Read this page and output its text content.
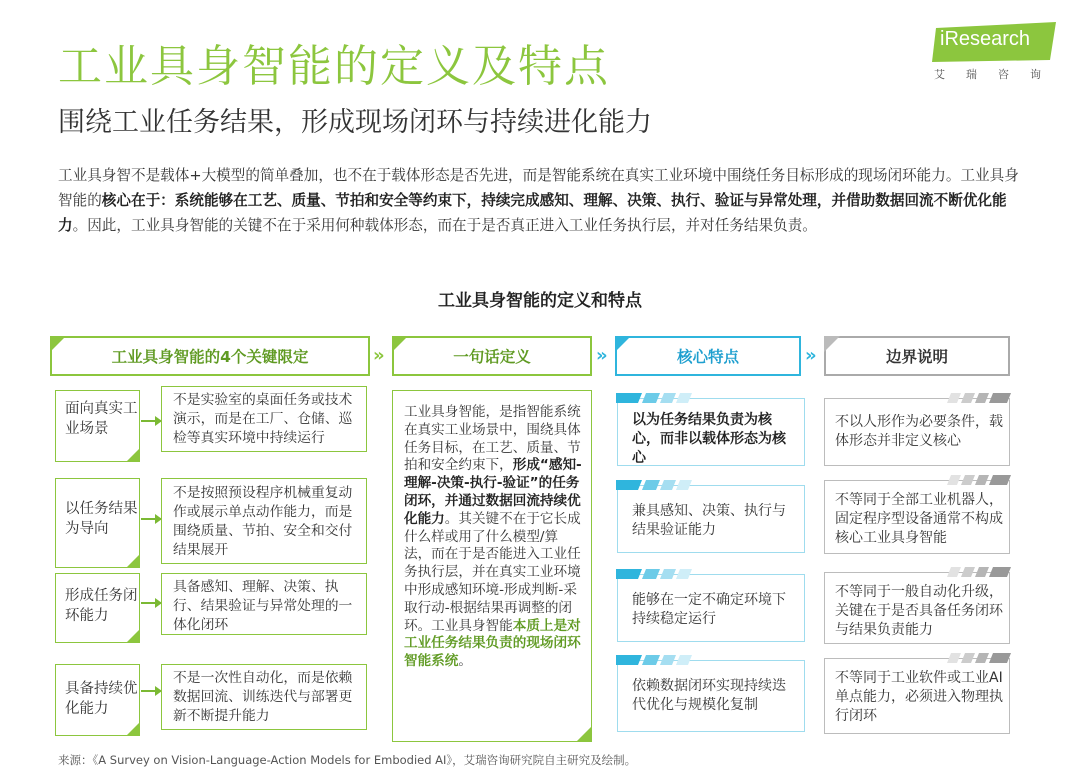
工业具身智能的定义及特点
围绕工业任务结果，形成现场闭环与持续进化能力
iResearch
艾瑞咨询
工业具身智不是载体+大模型的简单叠加，也不在于载体形态是否先进，而是智能系统在真实工业环境中围绕任务目标形成的现场闭环能力。工业具身智能的核心在于：系统能够在工艺、质量、节拍和安全等约束下，持续完成感知、理解、决策、执行、验证与异常处理，并借助数据回流不断优化能力。因此，工业具身智能的关键不在于采用何种载体形态，而在于是否真正进入工业任务执行层，并对任务结果负责。
工业具身智能的定义和特点
工业具身智能的4个关键限定	»	一句话定义	»	核心特点	»	边界说明
面向真实工业场景
不是实验室的桌面任务或技术演示，而是在工厂、仓储、巡检等真实环境中持续运行
以任务结果为导向
不是按照预设程序机械重复动作或展示单点动作能力，而是围绕质量、节拍、安全和交付结果展开
形成任务闭环能力
具备感知、理解、决策、执行、结果验证与异常处理的一体化闭环
具备持续优化能力
不是一次性自动化，而是依赖数据回流、训练迭代与部署更新不断提升能力
工业具身智能，是指智能系统在真实工业场景中，围绕具体任务目标，在工艺、质量、节拍和安全约束下，形成“感知-理解-决策-执行-验证”的任务闭环，并通过数据回流持续优化能力。其关键不在于它长成什么样或用了什么模型/算法，而在于是否能进入工业任务执行层，并在真实工业环境中形成感知环境-形成判断-采取行动-根据结果再调整的闭环。工业具身智能本质上是对工业任务结果负责的现场闭环智能系统。
以为任务结果负责为核心，而非以载体形态为核心
兼具感知、决策、执行与结果验证能力
能够在一定不确定环境下持续稳定运行
依赖数据闭环实现持续迭代优化与规模化复制
不以人形作为必要条件，载体形态并非定义核心
不等同于全部工业机器人，固定程序型设备通常不构成核心工业具身智能
不等同于一般自动化升级，关键在于是否具备任务闭环与结果负责能力
不等同于工业软件或工业AI单点能力，必须进入物理执行闭环
来源：《A Survey on Vision-Language-Action Models for Embodied AI》，艾瑞咨询研究院自主研究及绘制。
